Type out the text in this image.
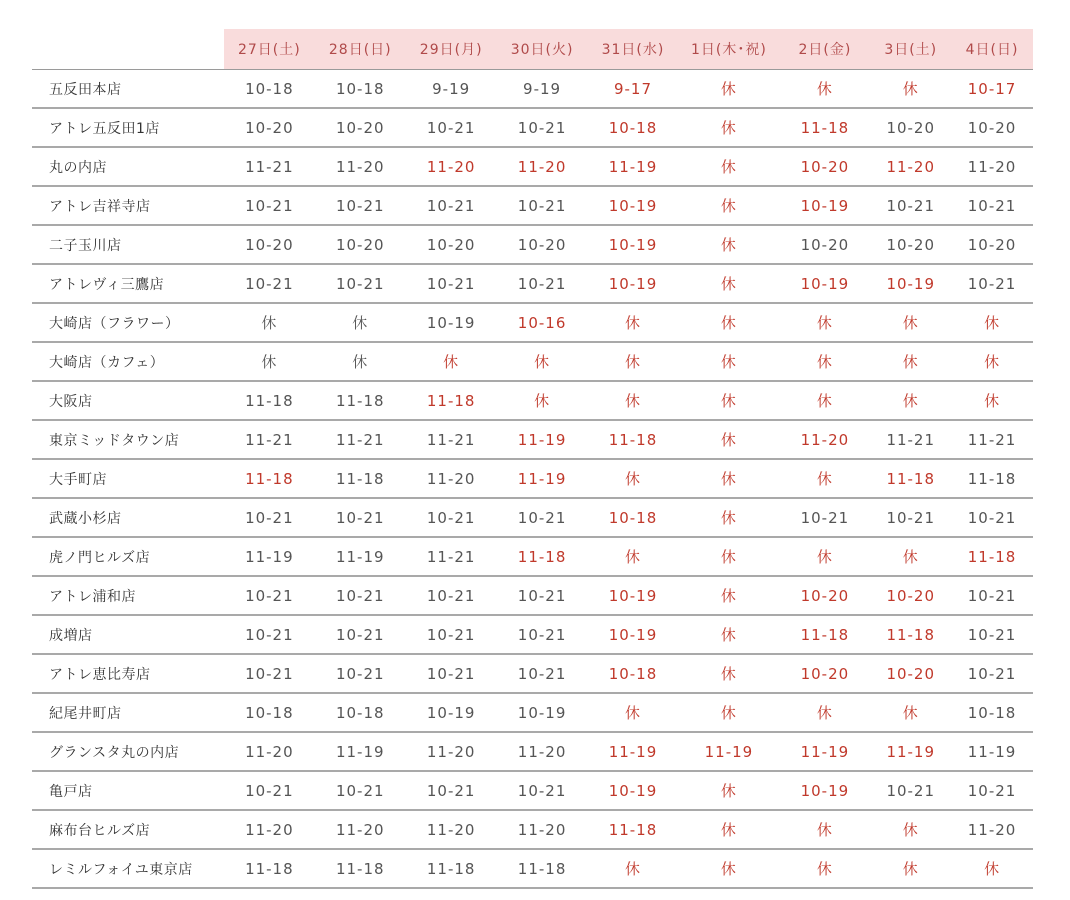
	27日(土)	28日(日)	29日(月)	30日(火)	31日(水)	1日(木･祝)	2日(金)	3日(土)	4日(日)
五反田本店	10-18	10-18	9-19	9-19	9-17	休	休	休	10-17
アトレ五反田1店	10-20	10-20	10-21	10-21	10-18	休	11-18	10-20	10-20
丸の内店	11-21	11-20	11-20	11-20	11-19	休	10-20	11-20	11-20
アトレ吉祥寺店	10-21	10-21	10-21	10-21	10-19	休	10-19	10-21	10-21
二子玉川店	10-20	10-20	10-20	10-20	10-19	休	10-20	10-20	10-20
アトレヴィ三鷹店	10-21	10-21	10-21	10-21	10-19	休	10-19	10-19	10-21
大崎店（フラワー）	休	休	10-19	10-16	休	休	休	休	休
大崎店（カフェ）	休	休	休	休	休	休	休	休	休
大阪店	11-18	11-18	11-18	休	休	休	休	休	休
東京ミッドタウン店	11-21	11-21	11-21	11-19	11-18	休	11-20	11-21	11-21
大手町店	11-18	11-18	11-20	11-19	休	休	休	11-18	11-18
武蔵小杉店	10-21	10-21	10-21	10-21	10-18	休	10-21	10-21	10-21
虎ノ門ヒルズ店	11-19	11-19	11-21	11-18	休	休	休	休	11-18
アトレ浦和店	10-21	10-21	10-21	10-21	10-19	休	10-20	10-20	10-21
成増店	10-21	10-21	10-21	10-21	10-19	休	11-18	11-18	10-21
アトレ恵比寿店	10-21	10-21	10-21	10-21	10-18	休	10-20	10-20	10-21
紀尾井町店	10-18	10-18	10-19	10-19	休	休	休	休	10-18
グランスタ丸の内店	11-20	11-19	11-20	11-20	11-19	11-19	11-19	11-19	11-19
亀戸店	10-21	10-21	10-21	10-21	10-19	休	10-19	10-21	10-21
麻布台ヒルズ店	11-20	11-20	11-20	11-20	11-18	休	休	休	11-20
レミルフォイユ東京店	11-18	11-18	11-18	11-18	休	休	休	休	休
